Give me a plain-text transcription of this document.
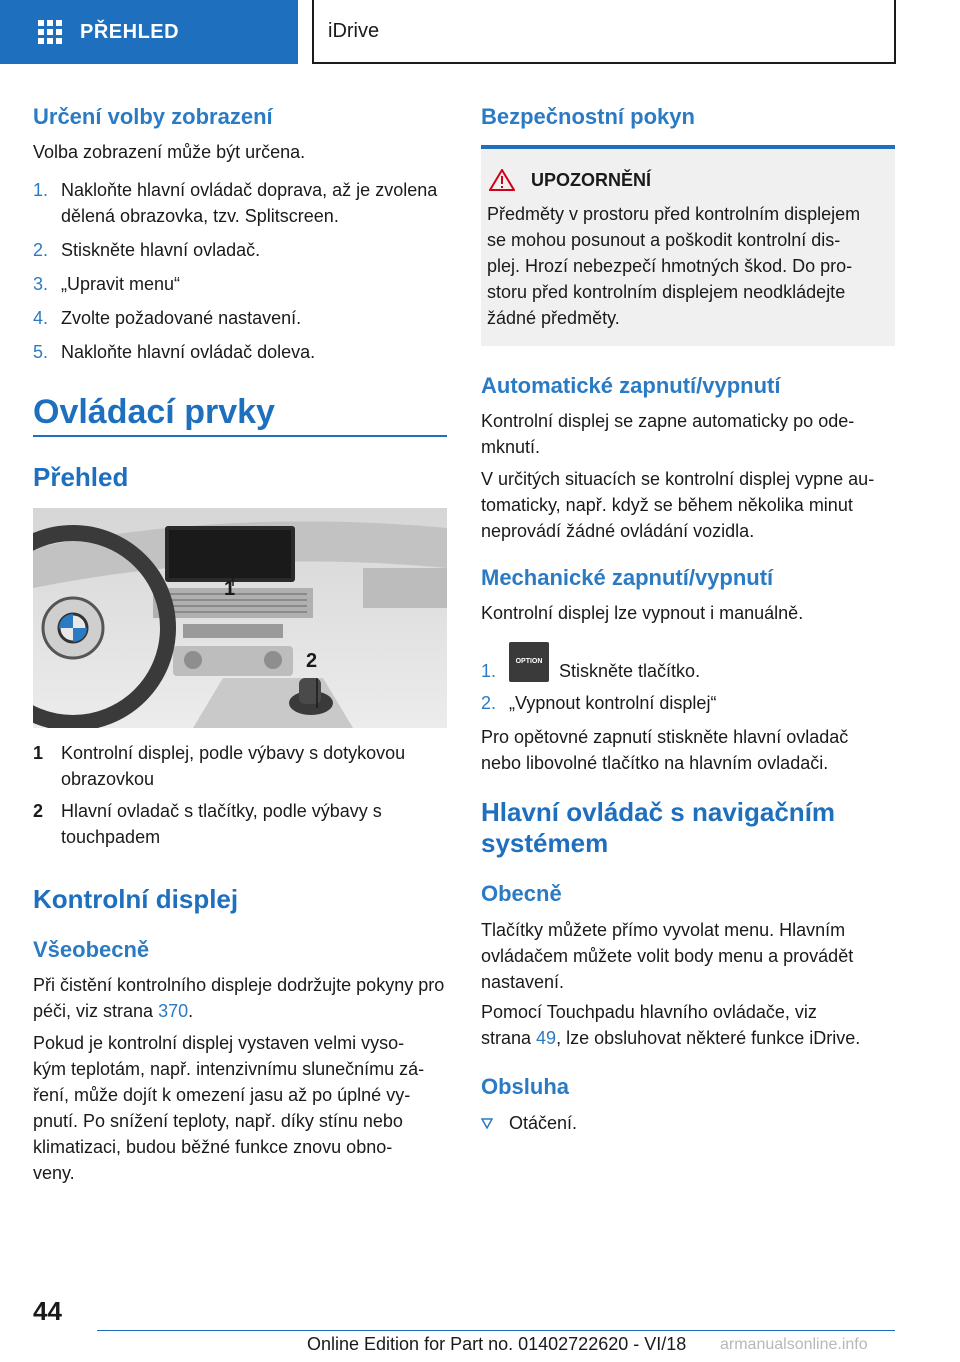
PŘEHLED	iDrive
Určení volby zobrazení
Volba zobrazení může být určena.
1. Nakloňte hlavní ovládač doprava, až je zvolena dělená obrazovka, tzv. Splitscreen.
2. Stiskněte hlavní ovladač.
3. „Upravit menu“
4. Zvolte požadované nastavení.
5. Nakloňte hlavní ovládač doleva.
Ovládací prvky
Přehled
1
2
1 Kontrolní displej, podle výbavy s dotykovou obrazovkou
2 Hlavní ovladač s tlačítky, podle výbavy s touchpadem
Kontrolní displej
Všeobecně
Při čistění kontrolního displeje dodržujte pokyny pro péči, viz strana 370.
Pokud je kontrolní displej vystaven velmi vyso-
kým teplotám, např. intenzivnímu slunečnímu zá-
ření, může dojít k omezení jasu až po úplné vy-
pnutí. Po snížení teploty, např. díky stínu nebo
klimatizaci, budou běžné funkce znovu obno-
veny.
Bezpečnostní pokyn
UPOZORNĚNÍ
Předměty v prostoru před kontrolním displejem
se mohou posunout a poškodit kontrolní dis-
plej. Hrozí nebezpečí hmotných škod. Do pro-
storu před kontrolním displejem neodkládejte
žádné předměty.
Automatické zapnutí/vypnutí
Kontrolní displej se zapne automaticky po ode-
mknutí.
V určitých situacích se kontrolní displej vypne au-
tomaticky, např. když se během několika minut
neprovádí žádné ovládání vozidla.
Mechanické zapnutí/vypnutí
Kontrolní displej lze vypnout i manuálně.
1.	OPTION Stiskněte tlačítko.
2. „Vypnout kontrolní displej“
Pro opětovné zapnutí stiskněte hlavní ovladač
nebo libovolné tlačítko na hlavním ovladači.
Hlavní ovládač s navigačním
systémem
Obecně
Tlačítky můžete přímo vyvolat menu. Hlavním
ovládačem můžete volit body menu a provádět
nastavení.
Pomocí Touchpadu hlavního ovládače, viz
strana 49, lze obsluhovat některé funkce iDrive.
Obsluha
Otáčení.
44
Online Edition for Part no. 01402722620 - VI/18 armanualsonline.info
